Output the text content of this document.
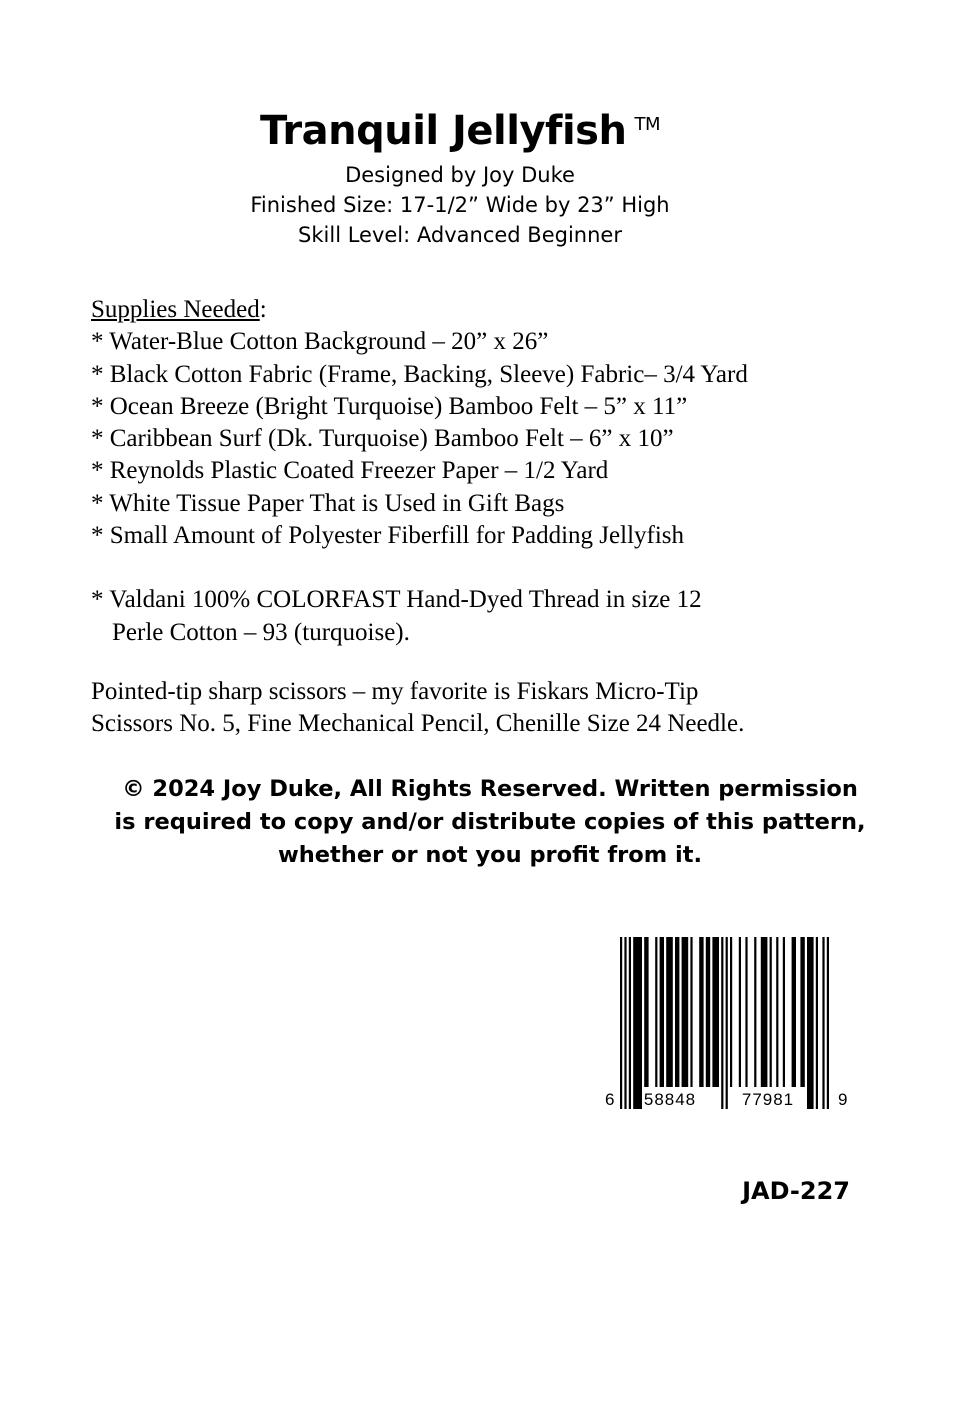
Tranquil Jellyfish ™
Designed by Joy Duke
Finished Size: 17-1/2” Wide by 23” High
Skill Level: Advanced Beginner
Supplies Needed:
* Water-Blue Cotton Background – 20” x 26”
* Black Cotton Fabric (Frame, Backing, Sleeve) Fabric– 3/4 Yard
* Ocean Breeze (Bright Turquoise) Bamboo Felt – 5” x 11”
* Caribbean Surf (Dk. Turquoise) Bamboo Felt – 6” x 10”
* Reynolds Plastic Coated Freezer Paper – 1/2 Yard
* White Tissue Paper That is Used in Gift Bags
* Small Amount of Polyester Fiberfill for Padding Jellyfish
* Valdani 100% COLORFAST Hand-Dyed Thread in size 12
Perle Cotton – 93 (turquoise).
Pointed-tip sharp scissors – my favorite is Fiskars Micro-Tip
Scissors No. 5, Fine Mechanical Pencil, Chenille Size 24 Needle.
© 2024 Joy Duke, All Rights Reserved. Written permission
is required to copy and/or distribute copies of this pattern,
whether or not you profit from it.
6 58848	77981	9
JAD-227
